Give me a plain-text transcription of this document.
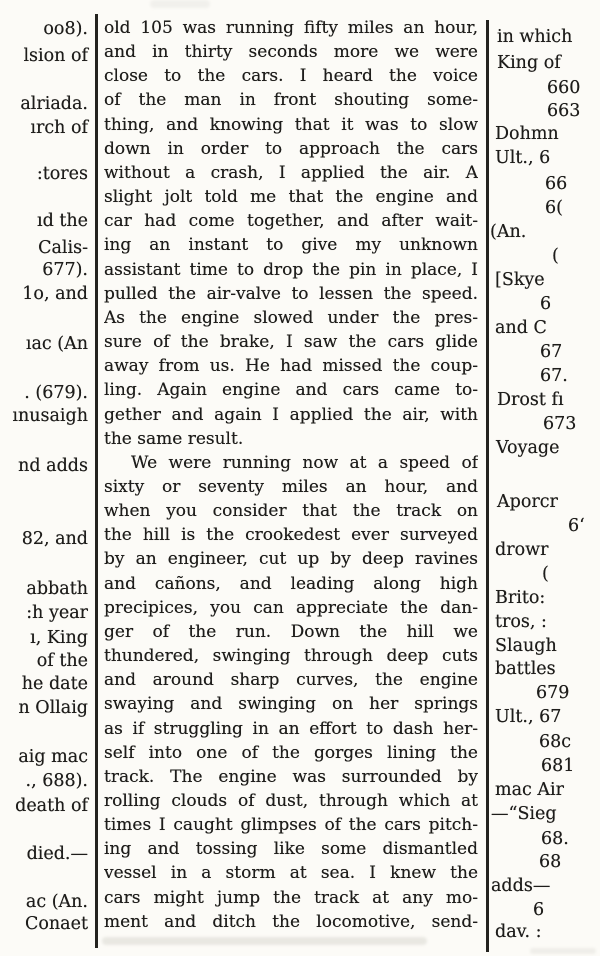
oo8).
lsion of
alriada.
ırch of
:tores
ıd the
Calis-
677).
1o, and
ıac (An
. (679).
ınusaigh
nd adds
82, and
abbath
:h year
ı, King
of the
he date
n Ollaig
aig mac
., 688).
death of
died.—
ac (An.
Conaet
old 105 was running fifty miles an hour,
and in thirty seconds more we were
close to the cars. I heard the voice
of the man in front shouting some-
thing, and knowing that it was to slow
down in order to approach the cars
without a crash, I applied the air. A
slight jolt told me that the engine and
car had come together, and after wait-
ing an instant to give my unknown
assistant time to drop the pin in place, I
pulled the air-valve to lessen the speed.
As the engine slowed under the pres-
sure of the brake, I saw the cars glide
away from us. He had missed the coup-
ling. Again engine and cars came to-
gether and again I applied the air, with
the same result.
We were running now at a speed of
sixty or seventy miles an hour, and
when you consider that the track on
the hill is the crookedest ever surveyed
by an engineer, cut up by deep ravines
and cañons, and leading along high
precipices, you can appreciate the dan-
ger of the run. Down the hill we
thundered, swinging through deep cuts
and around sharp curves, the engine
swaying and swinging on her springs
as if struggling in an effort to dash her-
self into one of the gorges lining the
track. The engine was surrounded by
rolling clouds of dust, through which at
times I caught glimpses of the cars pitch-
ing and tossing like some dismantled
vessel in a storm at sea. I knew the
cars might jump the track at any mo-
ment and ditch the locomotive, send-
in which
King of
660
663
Dohmn
Ult., 6
66
6(
(An.
(
[Skye
6
and C
67
67.
Drost fı
673
Voyage
Aporcr
6‘
drowr
(
Brito:
tros, :
Slaugh
battles
679
Ult., 67
68c
681
mac Air
—“Sieg
68.
68
adds—
6
dav. :
